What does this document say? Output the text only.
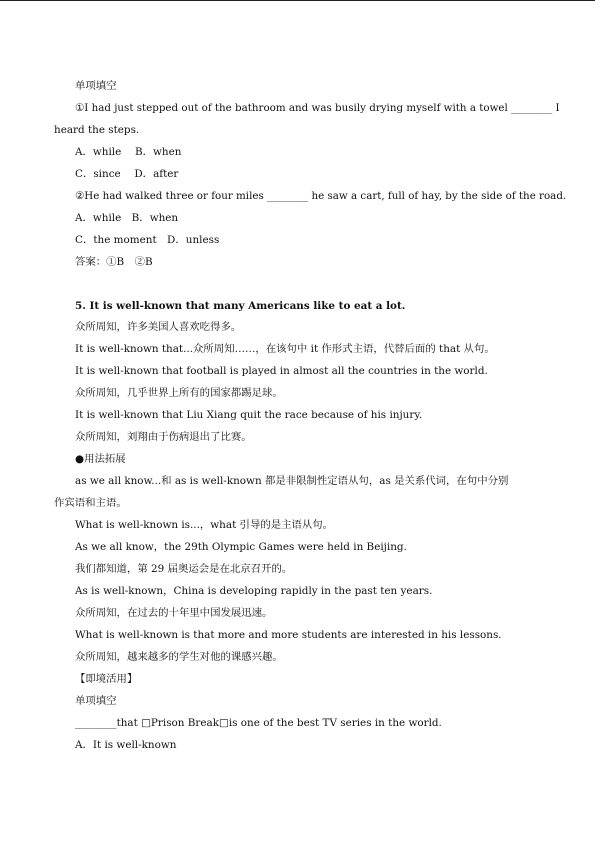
单项填空
①I had just stepped out of the bathroom and was busily drying myself with a towel ________ I
heard the steps.
A．while　 B．when
C．since　 D．after
②He had walked three or four miles ________ he saw a cart, full of hay, by the side of the road.
A．while　B．when
C．the moment　D．unless
答案：①B　②B
5. It is well-known that many Americans like to eat a lot.
众所周知，许多美国人喜欢吃得多。
It is well-known that...众所周知……，在该句中 it 作形式主语，代替后面的 that 从句。
It is well-known that football is played in almost all the countries in the world.
众所周知，几乎世界上所有的国家都踢足球。
It is well-known that Liu Xiang quit the race because of his injury.
众所周知，刘翔由于伤病退出了比赛。
●用法拓展
as we all know...和 as is well-known 都是非限制性定语从句，as 是关系代词，在句中分别
作宾语和主语。
What is well-known is...，what 引导的是主语从句。
As we all know，the 29th Olympic Games were held in Beijing.
我们都知道，第 29 届奥运会是在北京召开的。
As is well-known，China is developing rapidly in the past ten years.
众所周知，在过去的十年里中国发展迅速。
What is well-known is that more and more students are interested in his lessons.
众所周知，越来越多的学生对他的课感兴趣。
【即境活用】
单项填空
________that □Prison Break□is one of the best TV series in the world.
A．It is well-known
